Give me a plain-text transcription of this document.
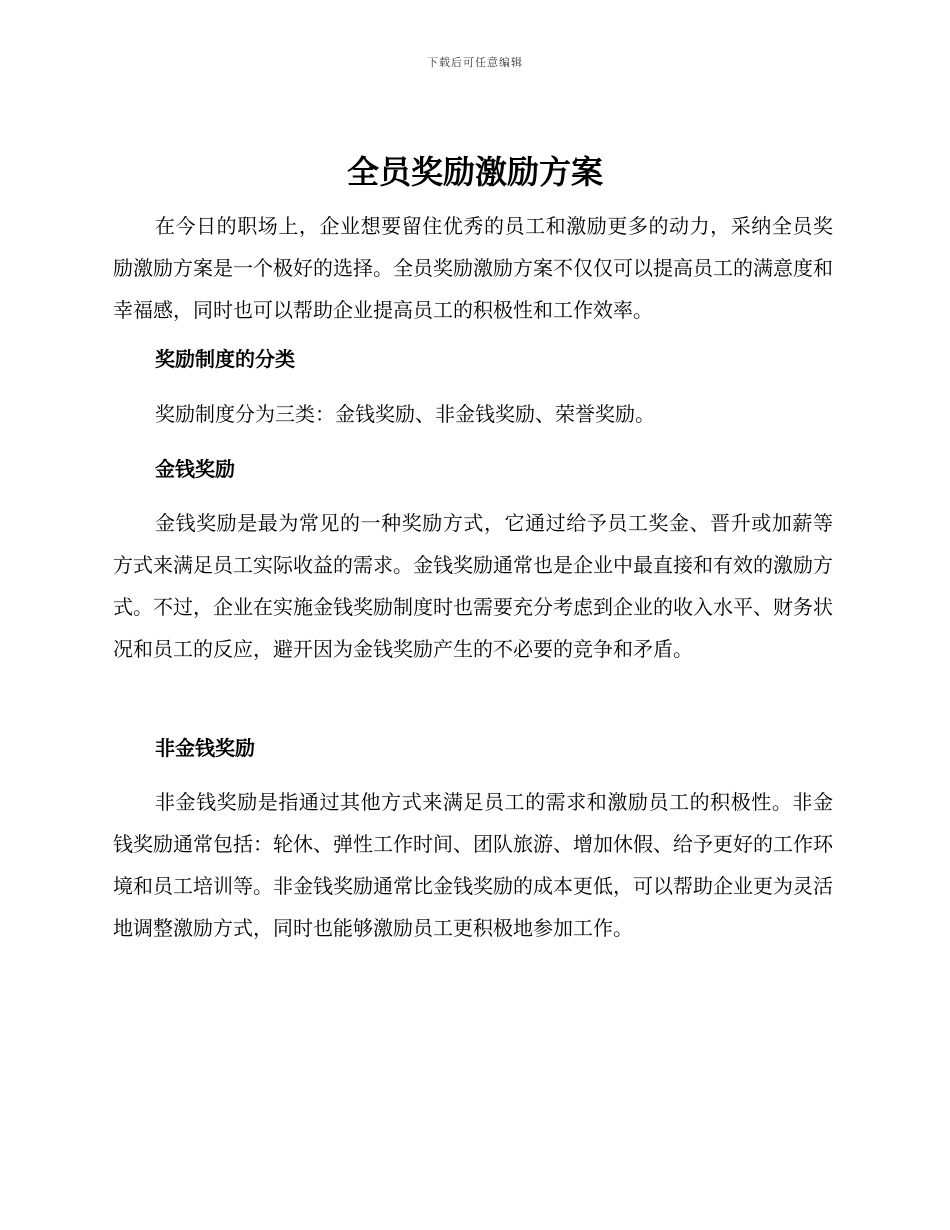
下载后可任意编辑
全员奖励激励方案

在今日的职场上，企业想要留住优秀的员工和激励更多的动力，采纳全员奖励激励方案是一个极好的选择。全员奖励激励方案不仅仅可以提高员工的满意度和幸福感，同时也可以帮助企业提高员工的积极性和工作效率。

奖励制度的分类

奖励制度分为三类：金钱奖励、非金钱奖励、荣誉奖励。

金钱奖励

金钱奖励是最为常见的一种奖励方式，它通过给予员工奖金、晋升或加薪等方式来满足员工实际收益的需求。金钱奖励通常也是企业中最直接和有效的激励方式。不过，企业在实施金钱奖励制度时也需要充分考虑到企业的收入水平、财务状况和员工的反应，避开因为金钱奖励产生的不必要的竞争和矛盾。

非金钱奖励

非金钱奖励是指通过其他方式来满足员工的需求和激励员工的积极性。非金钱奖励通常包括：轮休、弹性工作时间、团队旅游、增加休假、给予更好的工作环境和员工培训等。非金钱奖励通常比金钱奖励的成本更低，可以帮助企业更为灵活地调整激励方式，同时也能够激励员工更积极地参加工作。
